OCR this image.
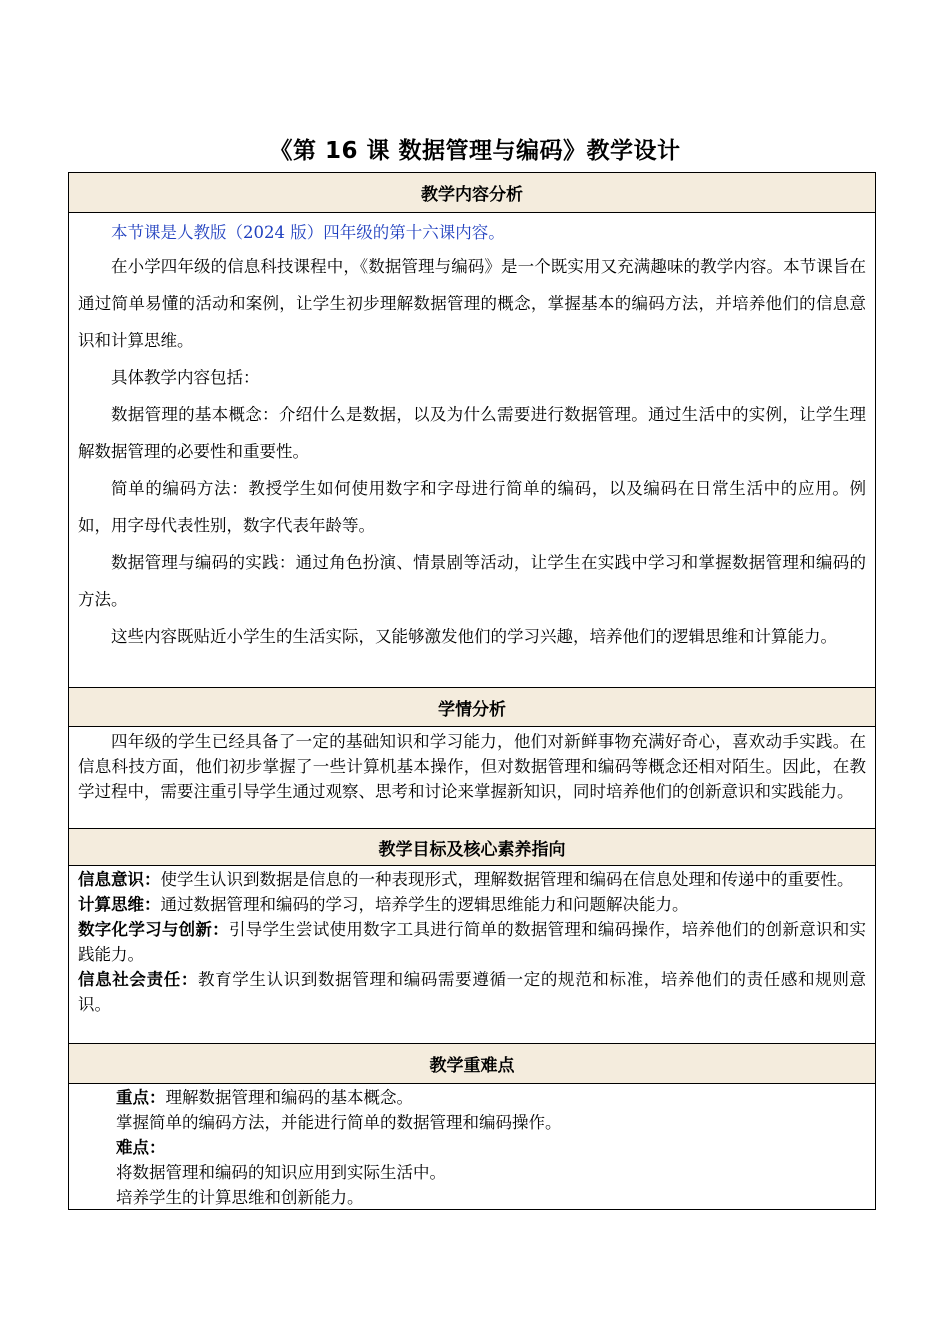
《第 16 课 数据管理与编码》教学设计
教学内容分析

本节课是人教版（2024 版）四年级的第十六课内容。

在小学四年级的信息科技课程中，《数据管理与编码》是一个既实用又充满趣味的教学内容。本节课旨在通过简单易懂的活动和案例，让学生初步理解数据管理的概念，掌握基本的编码方法，并培养他们的信息意识和计算思维。

具体教学内容包括：

数据管理的基本概念：介绍什么是数据，以及为什么需要进行数据管理。通过生活中的实例，让学生理解数据管理的必要性和重要性。

简单的编码方法：教授学生如何使用数字和字母进行简单的编码，以及编码在日常生活中的应用。例如，用字母代表性别，数字代表年龄等。

数据管理与编码的实践：通过角色扮演、情景剧等活动，让学生在实践中学习和掌握数据管理和编码的方法。

这些内容既贴近小学生的生活实际，又能够激发他们的学习兴趣，培养他们的逻辑思维和计算能力。

学情分析

四年级的学生已经具备了一定的基础知识和学习能力，他们对新鲜事物充满好奇心，喜欢动手实践。在信息科技方面，他们初步掌握了一些计算机基本操作，但对数据管理和编码等概念还相对陌生。因此，在教学过程中，需要注重引导学生通过观察、思考和讨论来掌握新知识，同时培养他们的创新意识和实践能力。

教学目标及核心素养指向

信息意识：使学生认识到数据是信息的一种表现形式，理解数据管理和编码在信息处理和传递中的重要性。

计算思维：通过数据管理和编码的学习，培养学生的逻辑思维能力和问题解决能力。

数字化学习与创新：引导学生尝试使用数字工具进行简单的数据管理和编码操作，培养他们的创新意识和实践能力。

信息社会责任：教育学生认识到数据管理和编码需要遵循一定的规范和标准，培养他们的责任感和规则意识。

教学重难点

重点：理解数据管理和编码的基本概念。

掌握简单的编码方法，并能进行简单的数据管理和编码操作。

难点：

将数据管理和编码的知识应用到实际生活中。

培养学生的计算思维和创新能力。
